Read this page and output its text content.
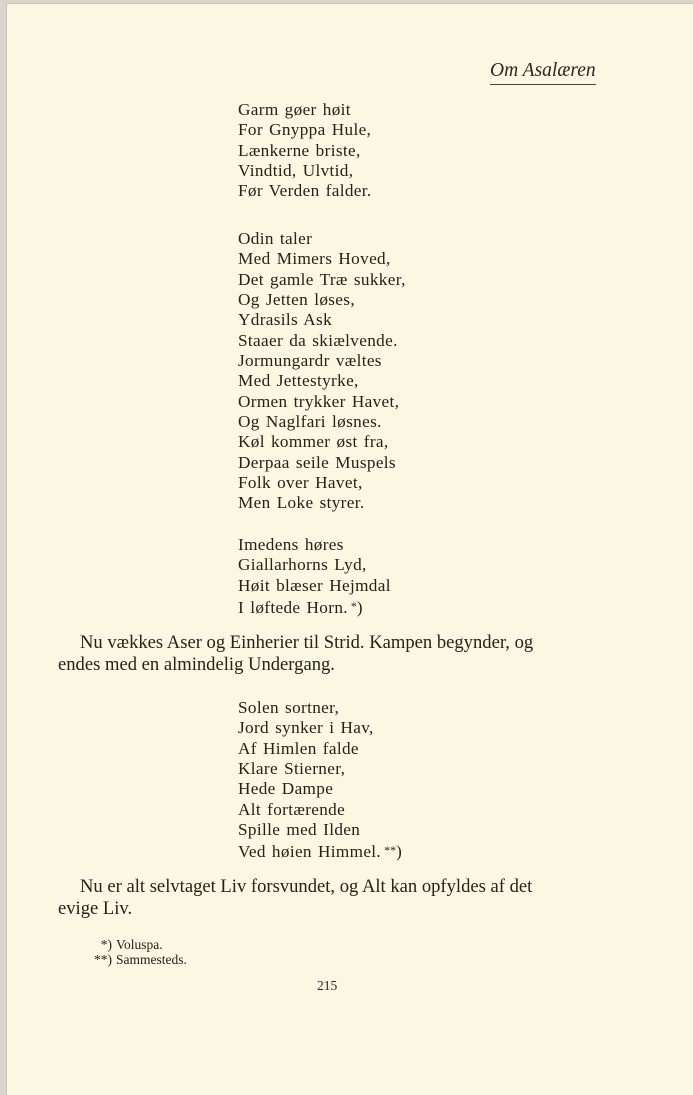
Om Asalæren
Garm gøer høit
For Gnyppa Hule,
Lænkerne briste,
Vindtid, Ulvtid,
Før Verden falder.
Odin taler
Med Mimers Hoved,
Det gamle Træ sukker,
Og Jetten løses,
Ydrasils Ask
Staaer da skiælvende.
Jormungardr væltes
Med Jettestyrke,
Ormen trykker Havet,
Og Naglfari løsnes.
Køl kommer øst fra,
Derpaa seile Muspels
Folk over Havet,
Men Loke styrer.
Imedens høres
Giallarhorns Lyd,
Høit blæser Hejmdal
I løftede Horn. *)
Nu vækkes Aser og Einherier til Strid. Kampen begynder, og
endes med en almindelig Undergang.
Solen sortner,
Jord synker i Hav,
Af Himlen falde
Klare Stierner,
Hede Dampe
Alt fortærende
Spille med Ilden
Ved høien Himmel. **)
Nu er alt selvtaget Liv forsvundet, og Alt kan opfyldes af det
evige Liv.
*) Voluspa.
**) Sammesteds.
215
